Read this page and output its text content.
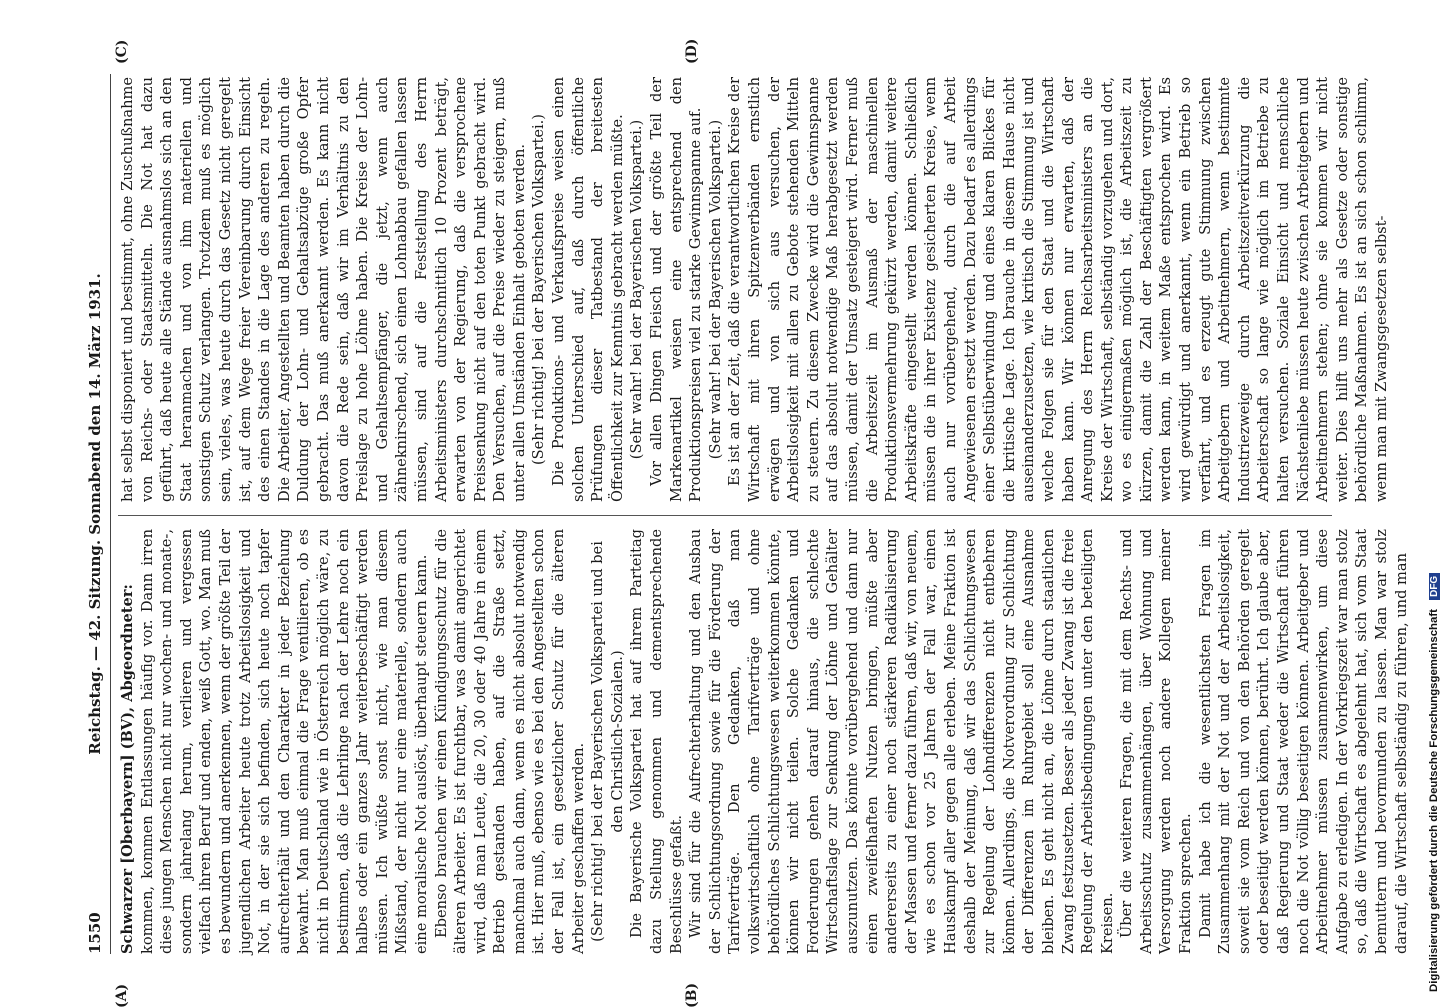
1550
Reichstag. — 42. Sitzung. Sonnabend den 14. März 1931.
(A)	(B)
(C)	(D)

Schwarzer [Oberbayern] (BV), Abgeordneter: kommen, kommen Entlassungen häufig vor. Dann irren diese jungen Menschen nicht nur wochen- und monate-, sondern jahrelang herum, verlieren und vergessen vielfach ihren Beruf und enden, weiß Gott, wo. Man muß es bewundern und anerkennen, wenn der größte Teil der jugendlichen Arbeiter heute trotz Arbeitslosigkeit und Not, in der sie sich befinden, sich heute noch tapfer aufrechterhält und den Charakter in jeder Beziehung bewahrt. Man muß einmal die Frage ventilieren, ob es nicht in Deutschland wie in Österreich möglich wäre, zu bestimmen, daß die Lehrlinge nach der Lehre noch ein halbes oder ein ganzes Jahr weiterbeschäftigt werden müssen. Ich wüßte sonst nicht, wie man diesem Mißstand, der nicht nur eine materielle, sondern auch eine moralische Not auslöst, überhaupt steuern kann. Ebenso brauchen wir einen Kündigungsschutz für die älteren Arbeiter. Es ist furchtbar, was damit angerichtet wird, daß man Leute, die 20, 30 oder 40 Jahre in einem Betrieb gestanden haben, auf die Straße setzt, manchmal auch dann, wenn es nicht absolut notwendig ist. Hier muß, ebenso wie es bei den Angestellten schon der Fall ist, ein gesetzlicher Schutz für die älteren Arbeiter geschaffen werden. (Sehr richtig! bei der Bayerischen Volkspartei und bei den Christlich-Sozialen.) Die Bayerische Volkspartei hat auf ihrem Parteitag dazu Stellung genommen und dementsprechende Beschlüsse gefaßt. Wir sind für die Aufrechterhaltung und den Ausbau der Schlichtungsordnung sowie für die Förderung der Tarifverträge. Den Gedanken, daß man volkswirtschaftlich ohne Tarifverträge und ohne behördliches Schlichtungswesen weiterkommen könnte, können wir nicht teilen. Solche Gedanken und Forderungen gehen darauf hinaus, die schlechte Wirtschaftslage zur Senkung der Löhne und Gehälter auszunutzen. Das könnte vorübergehend und dann nur einen zweifelhaften Nutzen bringen, müßte aber andererseits zu einer noch stärkeren Radikalisierung der Massen und ferner dazu führen, daß wir, von neuem, wie es schon vor 25 Jahren der Fall war, einen Hauskampf aller gegen alle erleben. Meine Fraktion ist deshalb der Meinung, daß wir das Schlichtungswesen zur Regelung der Lohndifferenzen nicht entbehren können. Allerdings, die Notverordnung zur Schlichtung der Differenzen im Ruhrgebiet soll eine Ausnahme bleiben. Es geht nicht an, die Löhne durch staatlichen Zwang festzusetzen. Besser als jeder Zwang ist die freie Regelung der Arbeitsbedingungen unter den beteiligten Kreisen. Über die weiteren Fragen, die mit dem Rechts- und Arbeitsschutz zusammenhängen, über Wohnung und Versorgung werden noch andere Kollegen meiner Fraktion sprechen. Damit habe ich die wesentlichsten Fragen im Zusammenhang mit der Not und der Arbeitslosigkeit, soweit sie vom Reich und von den Behörden geregelt oder beseitigt werden können, berührt. Ich glaube aber, daß Regierung und Staat weder die Wirtschaft führen noch die Not völlig beseitigen können. Arbeitgeber und Arbeitnehmer müssen zusammenwirken, um diese Aufgabe zu erledigen. In der Vorkriegszeit war man stolz so, daß die Wirtschaft es abgelehnt hat, sich vom Staat bemuttern und bevormunden zu lassen. Man war stolz darauf, die Wirtschaft selbständig zu führen, und man

hat selbst disponiert und bestimmt, ohne Zuschußnahme von Reichs- oder Staatsmitteln. Die Not hat dazu geführt, daß heute alle Stände ausnahmslos sich an den Staat heranmachen und von ihm materiellen und sonstigen Schutz verlangen. Trotzdem muß es möglich sein, vieles, was heute durch das Gesetz nicht geregelt ist, auf dem Wege freier Vereinbarung durch Einsicht des einen Standes in die Lage des anderen zu regeln. Die Arbeiter, Angestellten und Beamten haben durch die Duldung der Lohn- und Gehaltsabzüge große Opfer gebracht. Das muß anerkannt werden. Es kann nicht davon die Rede sein, daß wir im Verhältnis zu den Preislage zu hohe Löhne haben. Die Kreise der Lohn- und Gehaltsempfänger, die jetzt, wenn auch zähneknirschend, sich einen Lohnabbau gefallen lassen müssen, sind auf die Feststellung des Herrn Arbeitsministers durchschnittlich 10 Prozent beträgt, erwarten von der Regierung, daß die versprochene Preissenkung nicht auf den toten Punkt gebracht wird. Den Versuchen, auf die Preise wieder zu steigern, muß unter allen Umständen Einhalt geboten werden. (Sehr richtig! bei der Bayerischen Volkspartei.) Die Produktions- und Verkaufspreise weisen einen solchen Unterschied auf, daß durch öffentliche Prüfungen dieser Tatbestand der breitesten Öffentlichkeit zur Kenntnis gebracht werden müßte. (Sehr wahr! bei der Bayerischen Volkspartei.) Vor allen Dingen Fleisch und der größte Teil der Markenartikel weisen eine entsprechend den Produktionspreisen viel zu starke Gewinnspanne auf. (Sehr wahr! bei der Bayerischen Volkspartei.) Es ist an der Zeit, daß die verantwortlichen Kreise der Wirtschaft mit ihren Spitzenverbänden ernstlich erwägen und von sich aus versuchen, der Arbeitslosigkeit mit allen zu Gebote stehenden Mitteln zu steuern. Zu diesem Zwecke wird die Gewinnspanne auf das absolut notwendige Maß herabgesetzt werden müssen, damit der Umsatz gesteigert wird. Ferner muß die Arbeitszeit im Ausmaß der maschinellen Produktionsvermehrung gekürzt werden, damit weitere Arbeitskräfte eingestellt werden können. Schließlich müssen die in ihrer Existenz gesicherten Kreise, wenn auch nur vorübergehend, durch die auf Arbeit Angewiesenen ersetzt werden. Dazu bedarf es allerdings einer Selbstüberwindung und eines klaren Blickes für die kritische Lage. Ich brauche in diesem Hause nicht auseinanderzusetzen, wie kritisch die Stimmung ist und welche Folgen sie für den Staat und die Wirtschaft haben kann. Wir können nur erwarten, daß der Anregung des Herrn Reichsarbeitsministers an die Kreise der Wirtschaft, selbständig vorzugehen und dort, wo es einigermaßen möglich ist, die Arbeitszeit zu kürzen, damit die Zahl der Beschäftigten vergrößert werden kann, in weitem Maße entsprochen wird. Es wird gewürdigt und anerkannt, wenn ein Betrieb so verfährt, und es erzeugt gute Stimmung zwischen Arbeitgebern und Arbeitnehmern, wenn bestimmte Industriezweige durch Arbeitszeitverkürzung die Arbeiterschaft so lange wie möglich im Betriebe zu halten versuchen. Soziale Einsicht und menschliche Nächstenliebe müssen heute zwischen Arbeitgebern und Arbeitnehmern stehen; ohne sie kommen wir nicht weiter. Dies hilft uns mehr als Gesetze oder sonstige behördliche Maßnahmen. Es ist an sich schon schlimm, wenn man mit Zwangsgesetzen selbst-

Digitalisierung gefördert durch die Deutsche Forschungsgemeinschaft DFG
